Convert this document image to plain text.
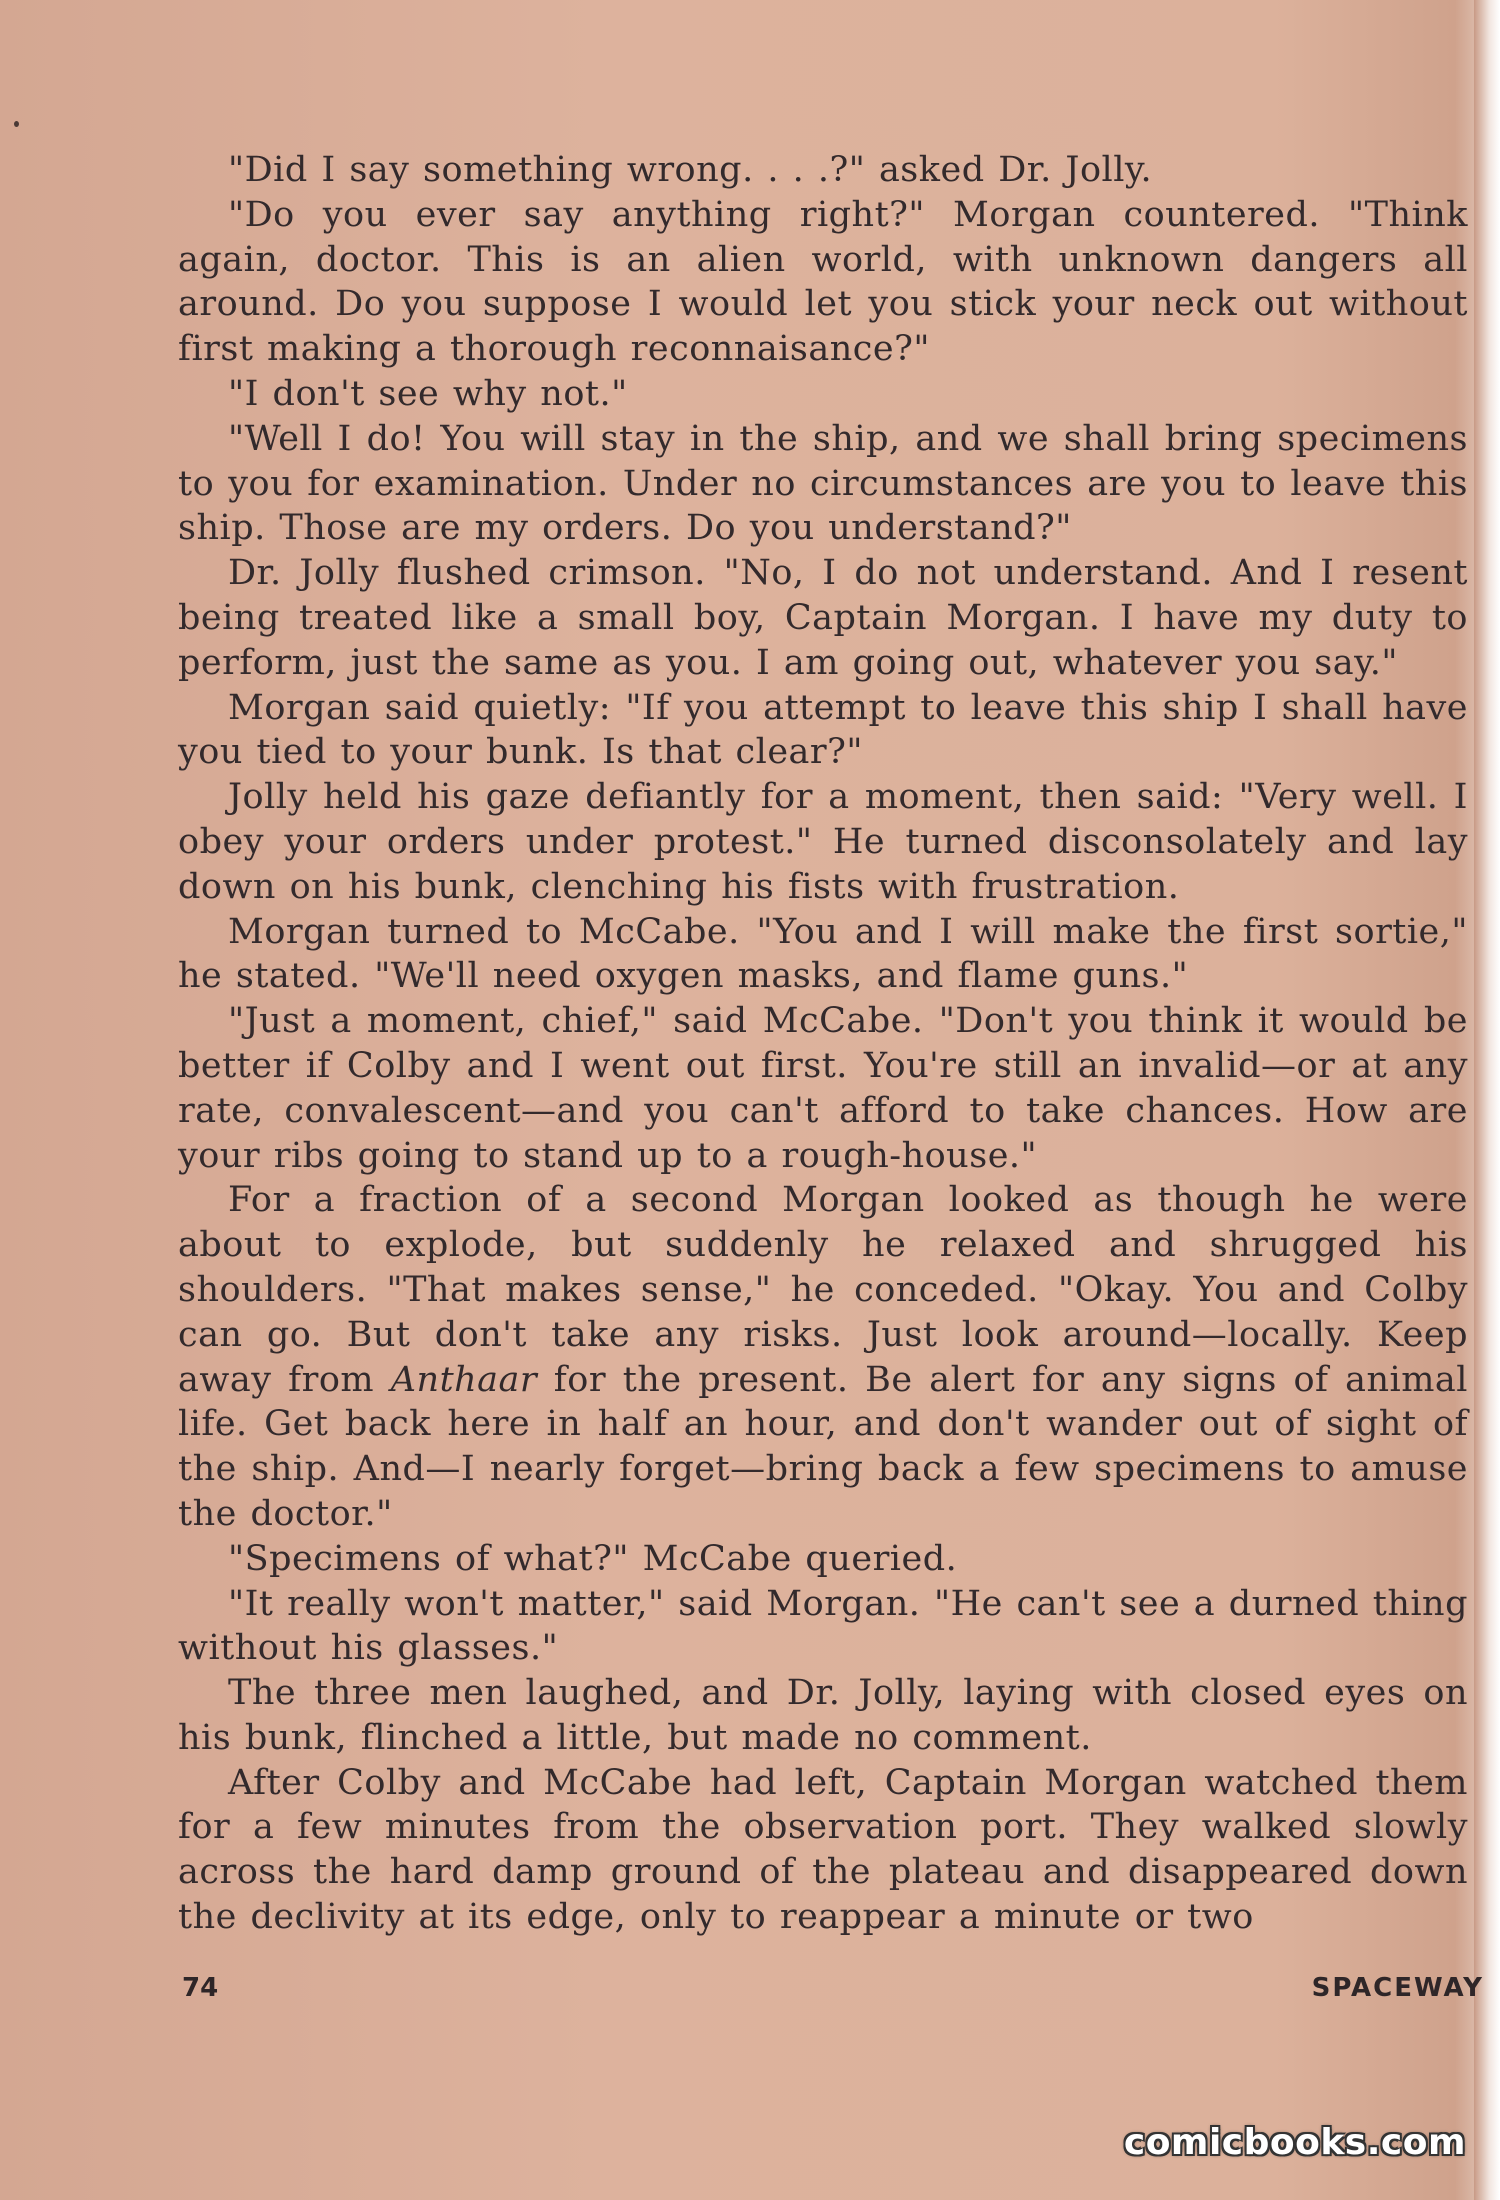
"Did I say something wrong. . . .?" asked Dr. Jolly.

"Do you ever say anything right?" Morgan countered. "Think again, doctor. This is an alien world, with unknown dangers all around. Do you suppose I would let you stick your neck out without first making a thorough reconnaisance?"

"I don't see why not."

"Well I do! You will stay in the ship, and we shall bring specimens to you for examination. Under no circumstances are you to leave this ship. Those are my orders. Do you understand?"

Dr. Jolly flushed crimson. "No, I do not understand. And I resent being treated like a small boy, Captain Morgan. I have my duty to perform, just the same as you. I am going out, whatever you say."

Morgan said quietly: "If you attempt to leave this ship I shall have you tied to your bunk. Is that clear?"

Jolly held his gaze defiantly for a moment, then said: "Very well. I obey your orders under protest." He turned disconsolately and lay down on his bunk, clenching his fists with frustration.

Morgan turned to McCabe. "You and I will make the first sortie," he stated. "We'll need oxygen masks, and flame guns."

"Just a moment, chief," said McCabe. "Don't you think it would be better if Colby and I went out first. You're still an invalid—or at any rate, convalescent—and you can't afford to take chances. How are your ribs going to stand up to a rough-house."

For a fraction of a second Morgan looked as though he were about to explode, but suddenly he relaxed and shrugged his shoulders. "That makes sense," he conceded. "Okay. You and Colby can go. But don't take any risks. Just look around—locally. Keep away from Anthaar for the present. Be alert for any signs of animal life. Get back here in half an hour, and don't wander out of sight of the ship. And—I nearly forget—bring back a few specimens to amuse the doctor."

"Specimens of what?" McCabe queried.

"It really won't matter," said Morgan. "He can't see a durned thing without his glasses."

The three men laughed, and Dr. Jolly, laying with closed eyes on his bunk, flinched a little, but made no comment.

After Colby and McCabe had left, Captain Morgan watched them for a few minutes from the observation port. They walked slowly across the hard damp ground of the plateau and disappeared down the declivity at its edge, only to reappear a minute or two

74	SPACEWAY
comicbooks.com
